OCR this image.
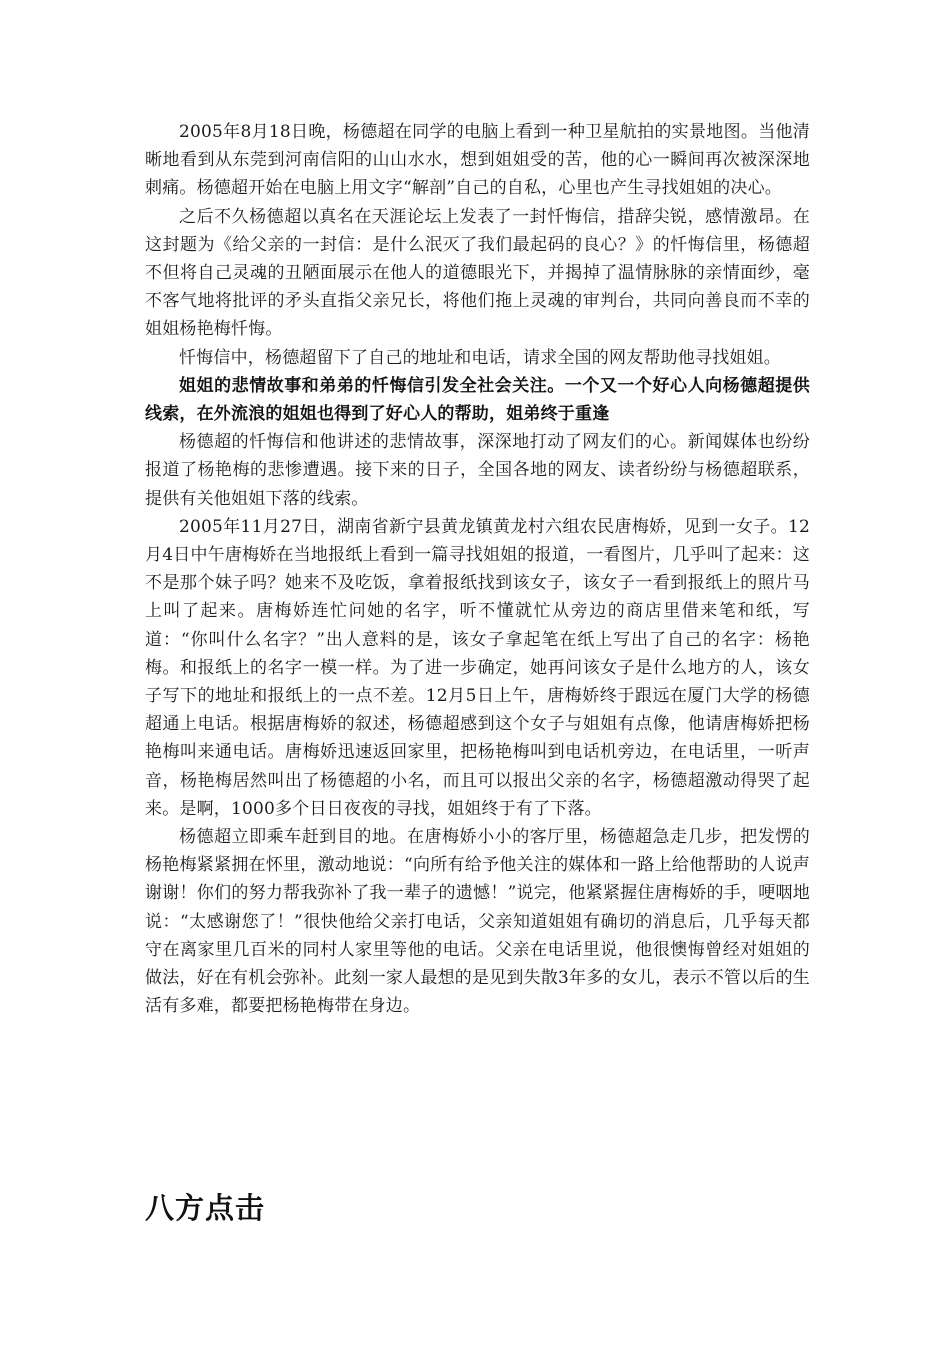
2005年8月18日晚，杨德超在同学的电脑上看到一种卫星航拍的实景地图。当他清晰地看到从东莞到河南信阳的山山水水，想到姐姐受的苦，他的心一瞬间再次被深深地刺痛。杨德超开始在电脑上用文字“解剖”自己的自私，心里也产生寻找姐姐的决心。

之后不久杨德超以真名在天涯论坛上发表了一封忏悔信，措辞尖锐，感情激昂。在这封题为《给父亲的一封信：是什么泯灭了我们最起码的良心？》的忏悔信里，杨德超不但将自己灵魂的丑陋面展示在他人的道德眼光下，并揭掉了温情脉脉的亲情面纱，毫不客气地将批评的矛头直指父亲兄长，将他们拖上灵魂的审判台，共同向善良而不幸的姐姐杨艳梅忏悔。

忏悔信中，杨德超留下了自己的地址和电话，请求全国的网友帮助他寻找姐姐。

姐姐的悲情故事和弟弟的忏悔信引发全社会关注。一个又一个好心人向杨德超提供线索，在外流浪的姐姐也得到了好心人的帮助，姐弟终于重逢

杨德超的忏悔信和他讲述的悲情故事，深深地打动了网友们的心。新闻媒体也纷纷报道了杨艳梅的悲惨遭遇。接下来的日子，全国各地的网友、读者纷纷与杨德超联系，提供有关他姐姐下落的线索。

2005年11月27日，湖南省新宁县黄龙镇黄龙村六组农民唐梅娇，见到一女子。12月4日中午唐梅娇在当地报纸上看到一篇寻找姐姐的报道，一看图片，几乎叫了起来：这不是那个妹子吗？她来不及吃饭，拿着报纸找到该女子，该女子一看到报纸上的照片马上叫了起来。唐梅娇连忙问她的名字，听不懂就忙从旁边的商店里借来笔和纸，写道：“你叫什么名字？”出人意料的是，该女子拿起笔在纸上写出了自己的名字：杨艳梅。和报纸上的名字一模一样。为了进一步确定，她再问该女子是什么地方的人，该女子写下的地址和报纸上的一点不差。12月5日上午，唐梅娇终于跟远在厦门大学的杨德超通上电话。根据唐梅娇的叙述，杨德超感到这个女子与姐姐有点像，他请唐梅娇把杨艳梅叫来通电话。唐梅娇迅速返回家里，把杨艳梅叫到电话机旁边，在电话里，一听声音，杨艳梅居然叫出了杨德超的小名，而且可以报出父亲的名字，杨德超激动得哭了起来。是啊，1000多个日日夜夜的寻找，姐姐终于有了下落。

杨德超立即乘车赶到目的地。在唐梅娇小小的客厅里，杨德超急走几步，把发愣的杨艳梅紧紧拥在怀里，激动地说：“向所有给予他关注的媒体和一路上给他帮助的人说声谢谢！你们的努力帮我弥补了我一辈子的遗憾！”说完，他紧紧握住唐梅娇的手，哽咽地说：“太感谢您了！”很快他给父亲打电话，父亲知道姐姐有确切的消息后，几乎每天都守在离家里几百米的同村人家里等他的电话。父亲在电话里说，他很懊悔曾经对姐姐的做法，好在有机会弥补。此刻一家人最想的是见到失散3年多的女儿，表示不管以后的生活有多难，都要把杨艳梅带在身边。

八方点击
